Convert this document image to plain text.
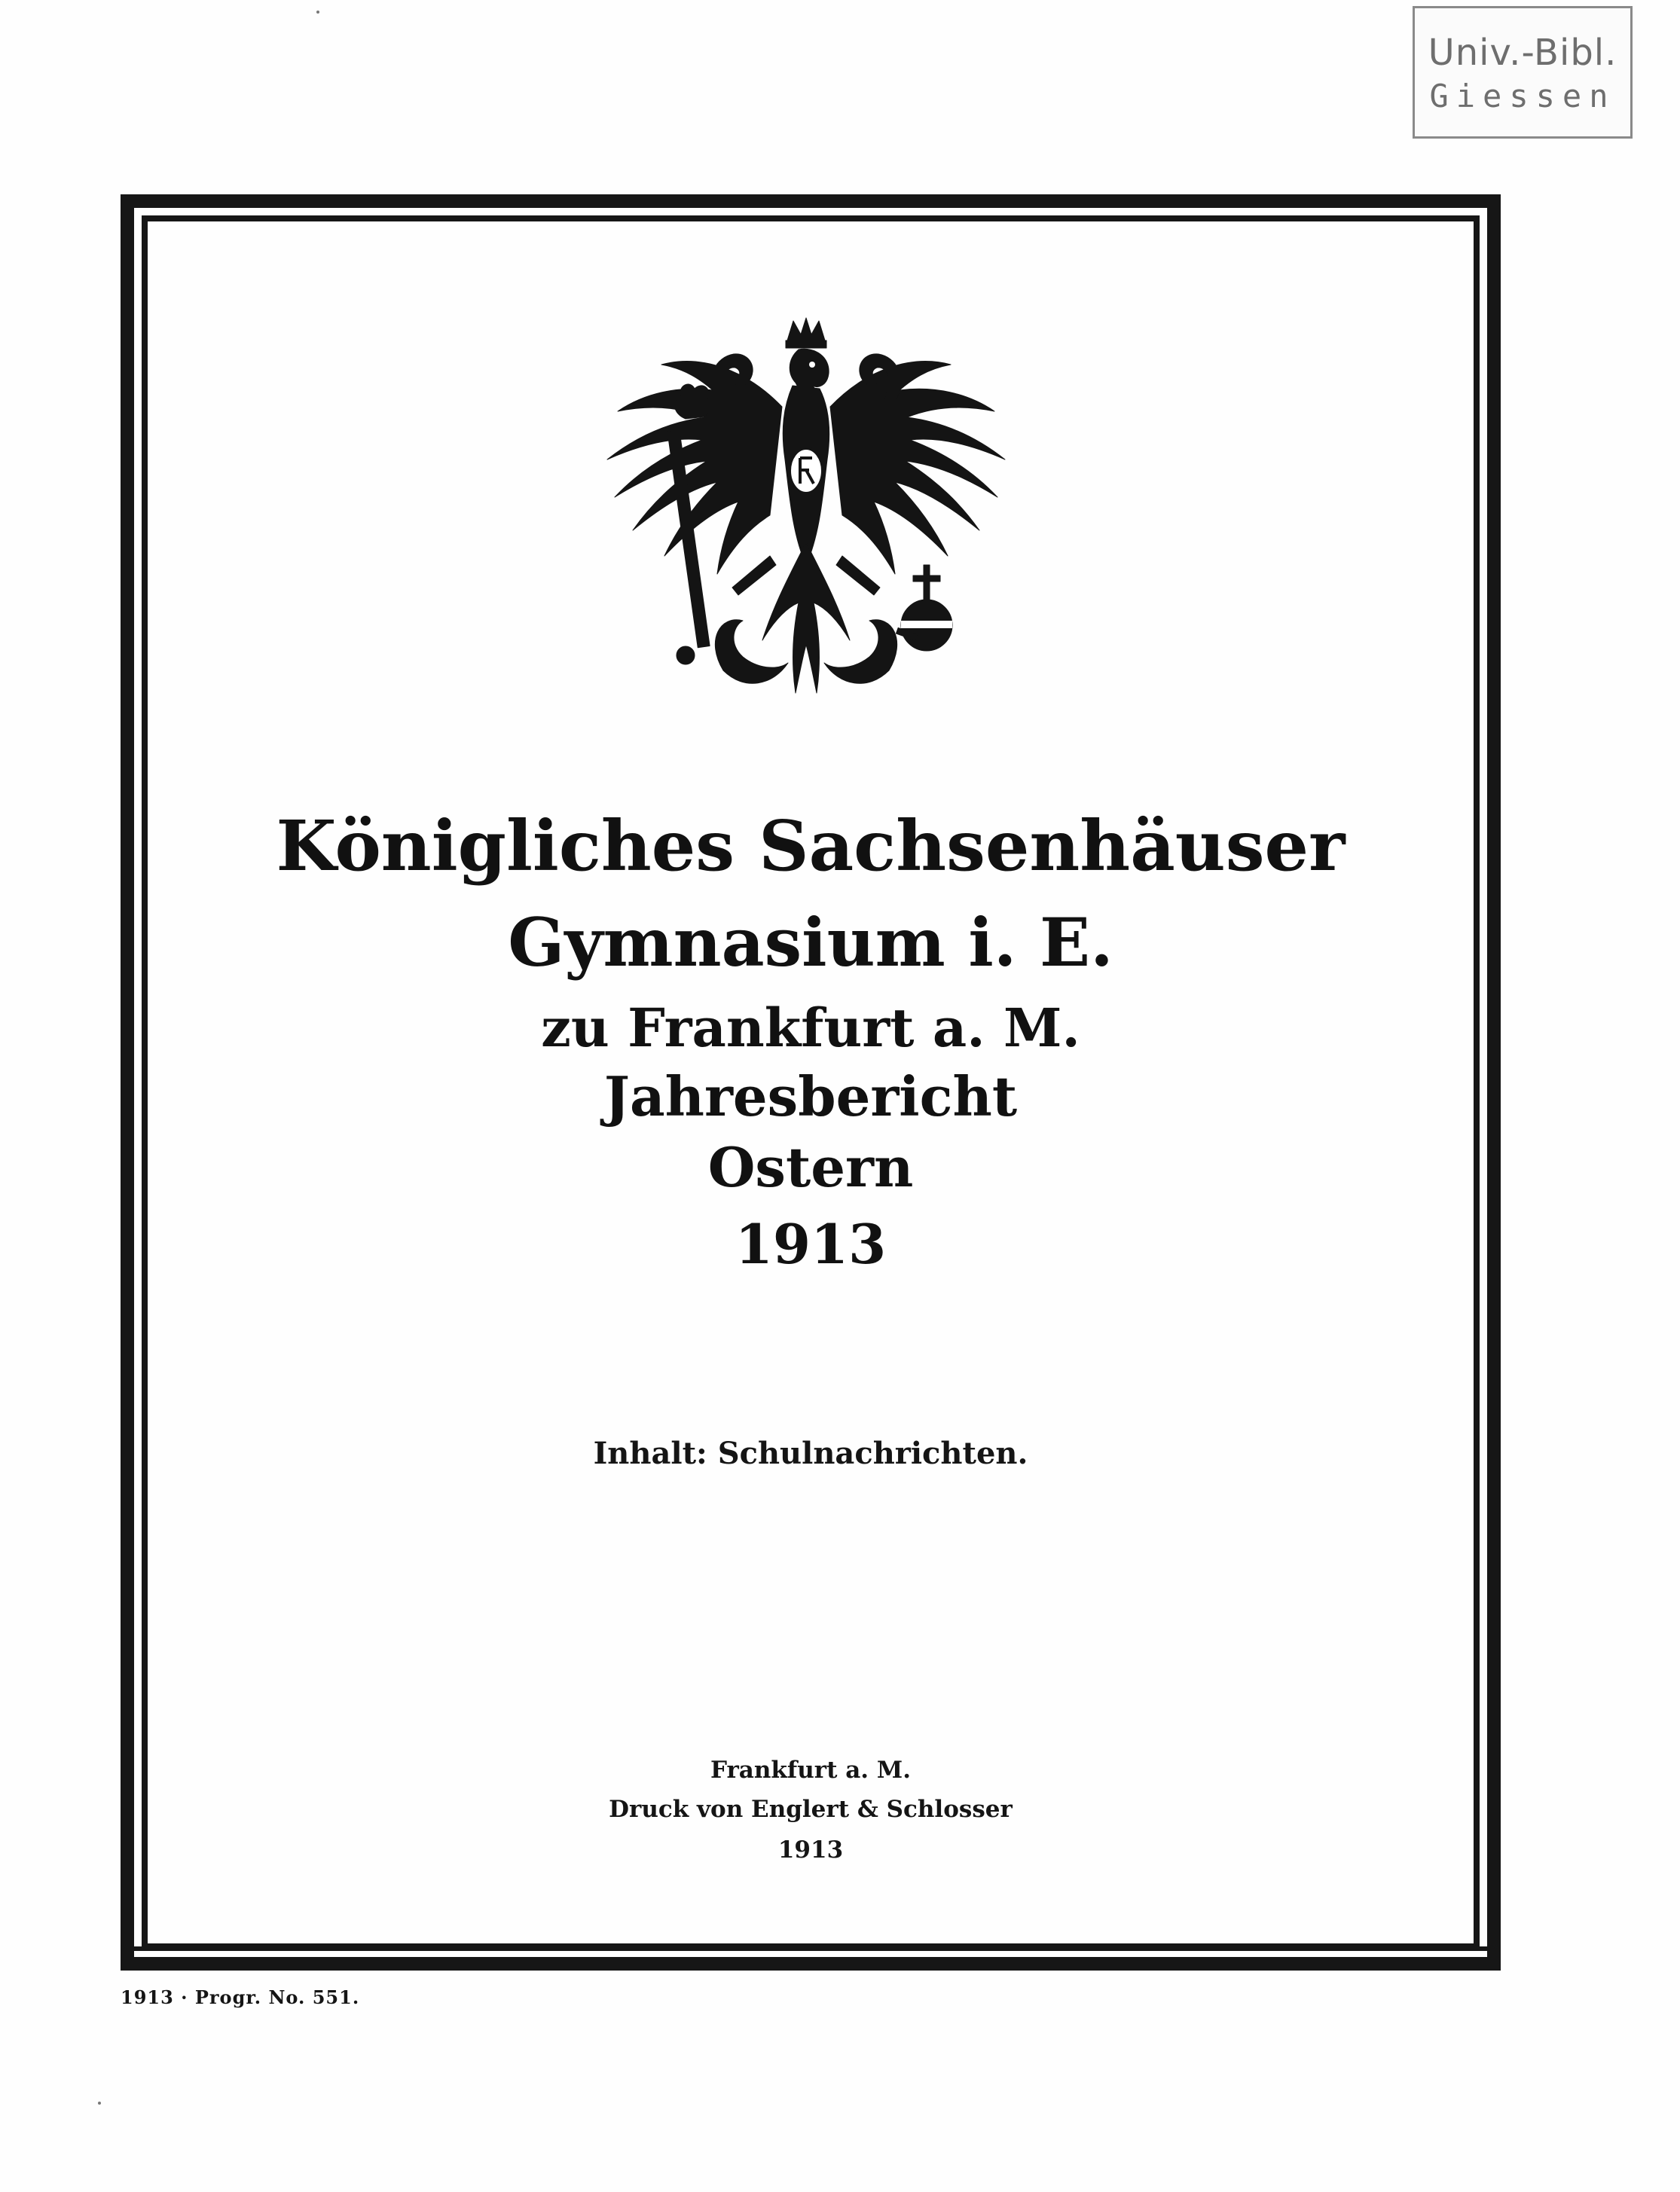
Univ.-Bibl.
Giessen
Königliches Sachsenhäuser
Gymnasium i. E.
zu Frankfurt a. M.
Jahresbericht
Ostern
1913
Inhalt: Schulnachrichten.
Frankfurt a. M.
Druck von Englert & Schlosser
1913
1913 · Progr. No. 551.
